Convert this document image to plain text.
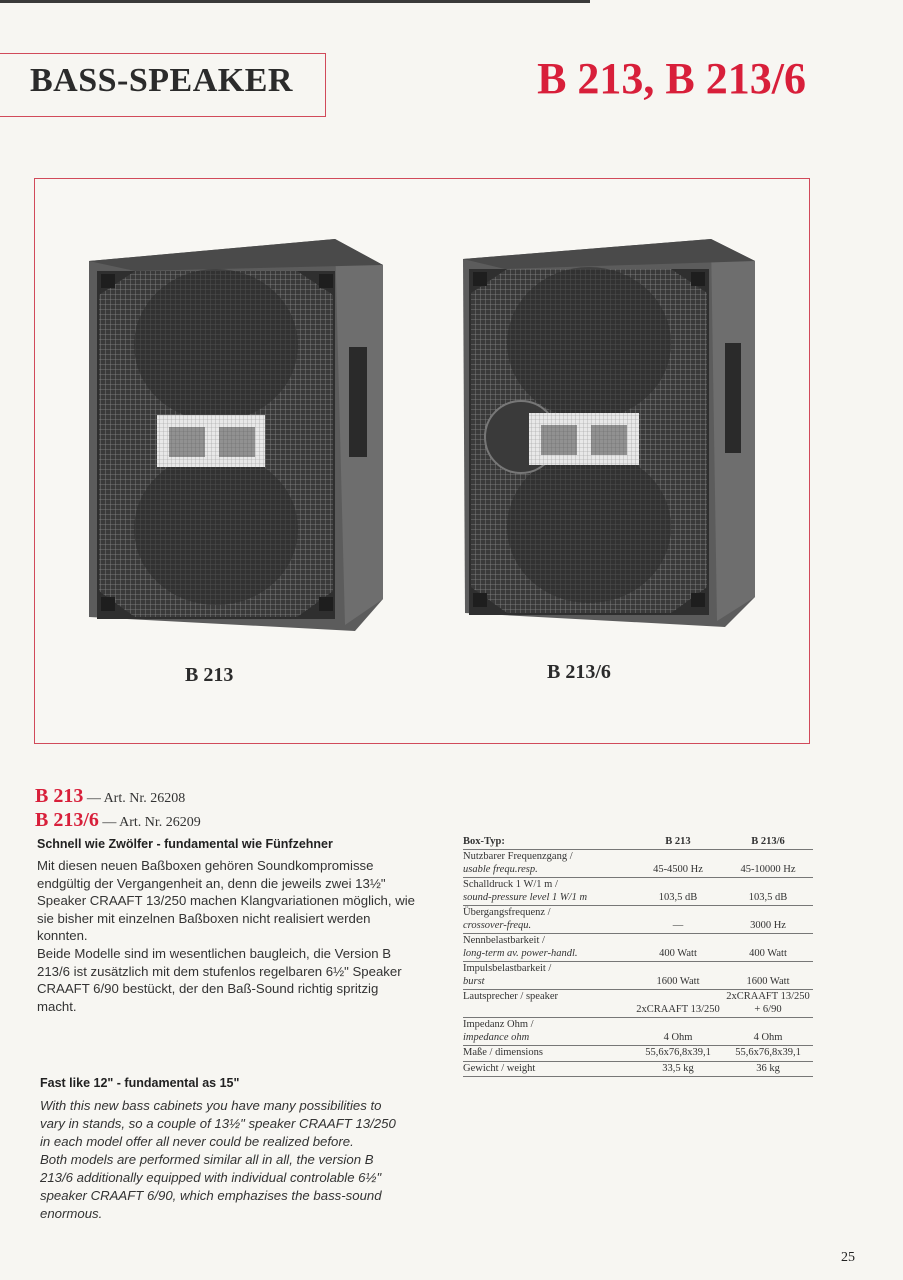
BASS-SPEAKER	B 213, B 213/6
B 213	B 213/6
B 213 — Art. Nr. 26208
B 213/6 — Art. Nr. 26209
Schnell wie Zwölfer - fundamental wie Fünfzehner

Mit diesen neuen Baßboxen gehören Soundkompromisse endgültig der Vergangenheit an, denn die jeweils zwei 13½" Speaker CRAAFT 13/250 machen Klangvariationen möglich, wie sie bisher mit einzelnen Baßboxen nicht realisiert werden konnten.

Beide Modelle sind im wesentlichen baugleich, die Version B 213/6 ist zusätzlich mit dem stufenlos regelbaren 6½" Speaker CRAAFT 6/90 bestückt, der den Baß-Sound richtig spritzig macht.

Fast like 12" - fundamental as 15"

With this new bass cabinets you have many possibilities to vary in stands, so a couple of 13½" speaker CRAAFT 13/250 in each model offer all never could be realized before.

Both models are performed similar all in all, the version B 213/6 additionally equipped with individual controlable 6½" speaker CRAAFT 6/90, which emphazises the bass-sound enormous.

Box-Typ:	B 213	B 213/6

Nutzbarer Frequenzgang /
usable frequ.resp.	45-4500 Hz	45-10000 Hz

Schalldruck 1 W/1 m /
sound-pressure level 1 W/1 m	103,5 dB	103,5 dB

Übergangsfrequenz /
crossover-frequ.	—	3000 Hz

Nennbelastbarkeit /
long-term av. power-handl.	400 Watt	400 Watt

Impulsbelastbarkeit /
burst	1600 Watt	1600 Watt

Lautsprecher / speaker	2xCRAAFT 13/250	2xCRAAFT 13/250 + 6/90

Impedanz Ohm /
impedance ohm	4 Ohm	4 Ohm

Maße / dimensions	55,6x76,8x39,1	55,6x76,8x39,1

Gewicht / weight	33,5 kg	36 kg
25
